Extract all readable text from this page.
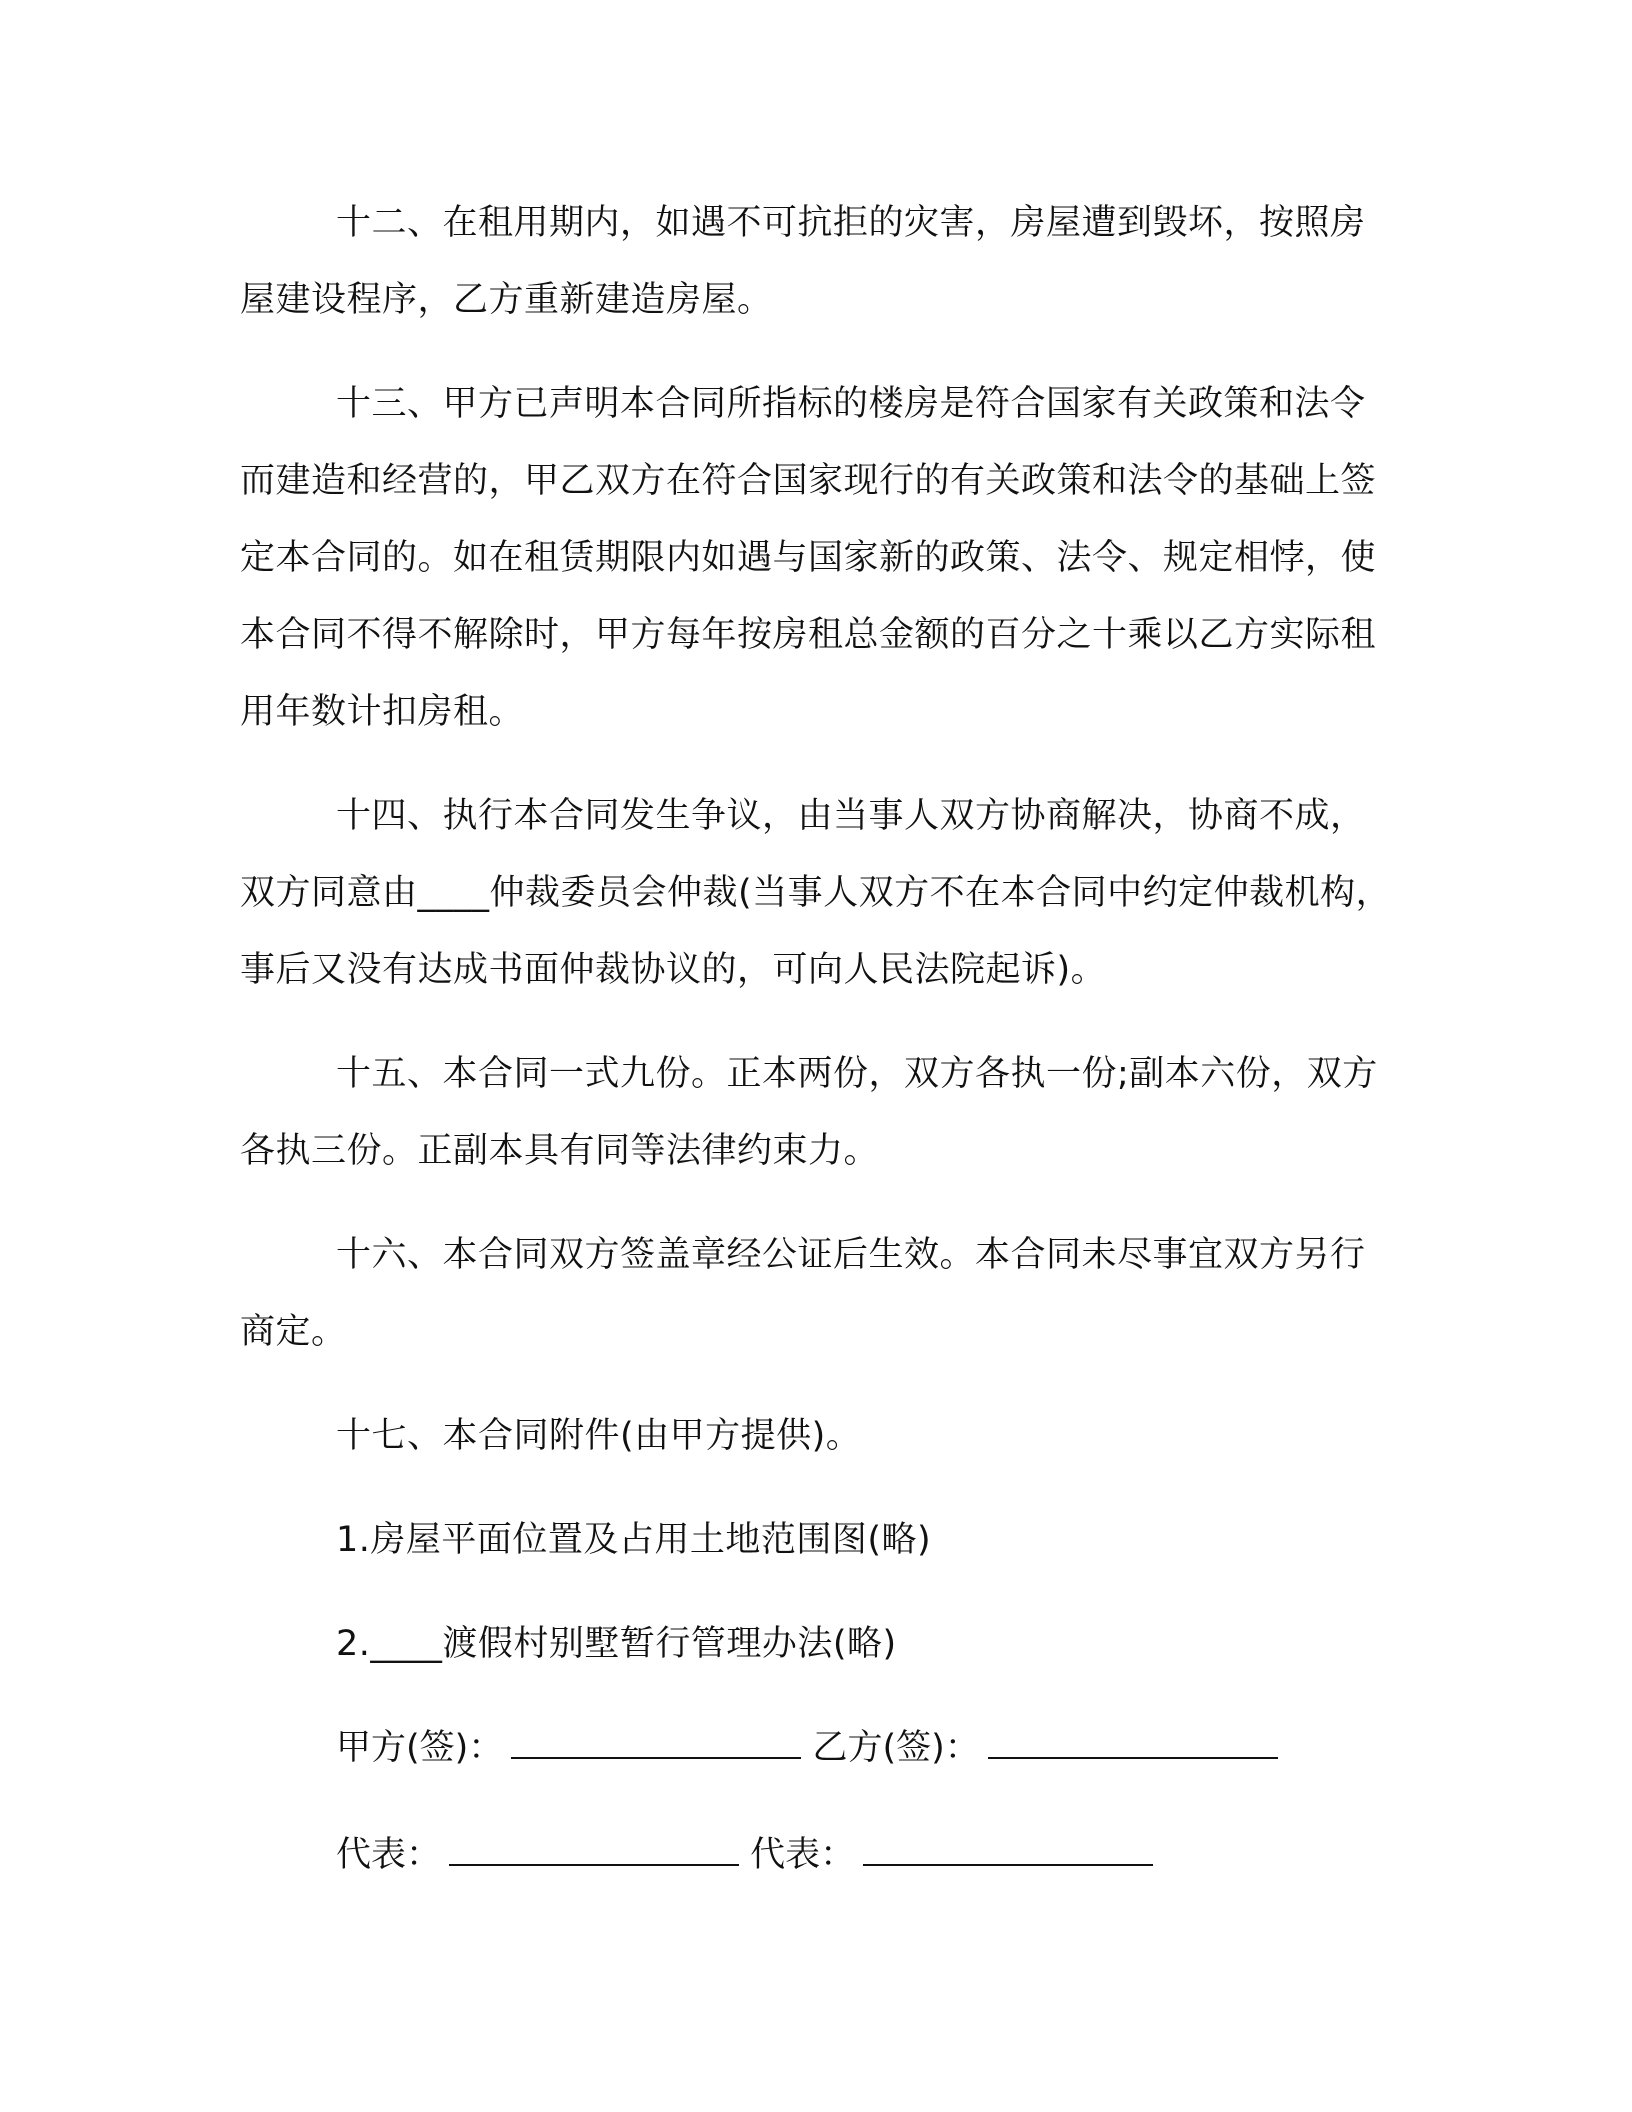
十二、在租用期内，如遇不可抗拒的灾害，房屋遭到毁坏，按照房屋建设程序，乙方重新建造房屋。

十三、甲方已声明本合同所指标的楼房是符合国家有关政策和法令而建造和经营的，甲乙双方在符合国家现行的有关政策和法令的基础上签定本合同的。如在租赁期限内如遇与国家新的政策、法令、规定相悖，使本合同不得不解除时，甲方每年按房租总金额的百分之十乘以乙方实际租用年数计扣房租。

十四、执行本合同发生争议，由当事人双方协商解决，协商不成，双方同意由____仲裁委员会仲裁(当事人双方不在本合同中约定仲裁机构，事后又没有达成书面仲裁协议的，可向人民法院起诉)。

十五、本合同一式九份。正本两份，双方各执一份;副本六份，双方各执三份。正副本具有同等法律约束力。

十六、本合同双方签盖章经公证后生效。本合同未尽事宜双方另行商定。

十七、本合同附件(由甲方提供)。

1.房屋平面位置及占用土地范围图(略)

2.____渡假村别墅暂行管理办法(略)

甲方(签)：	乙方(签)：
代表：	代表：
